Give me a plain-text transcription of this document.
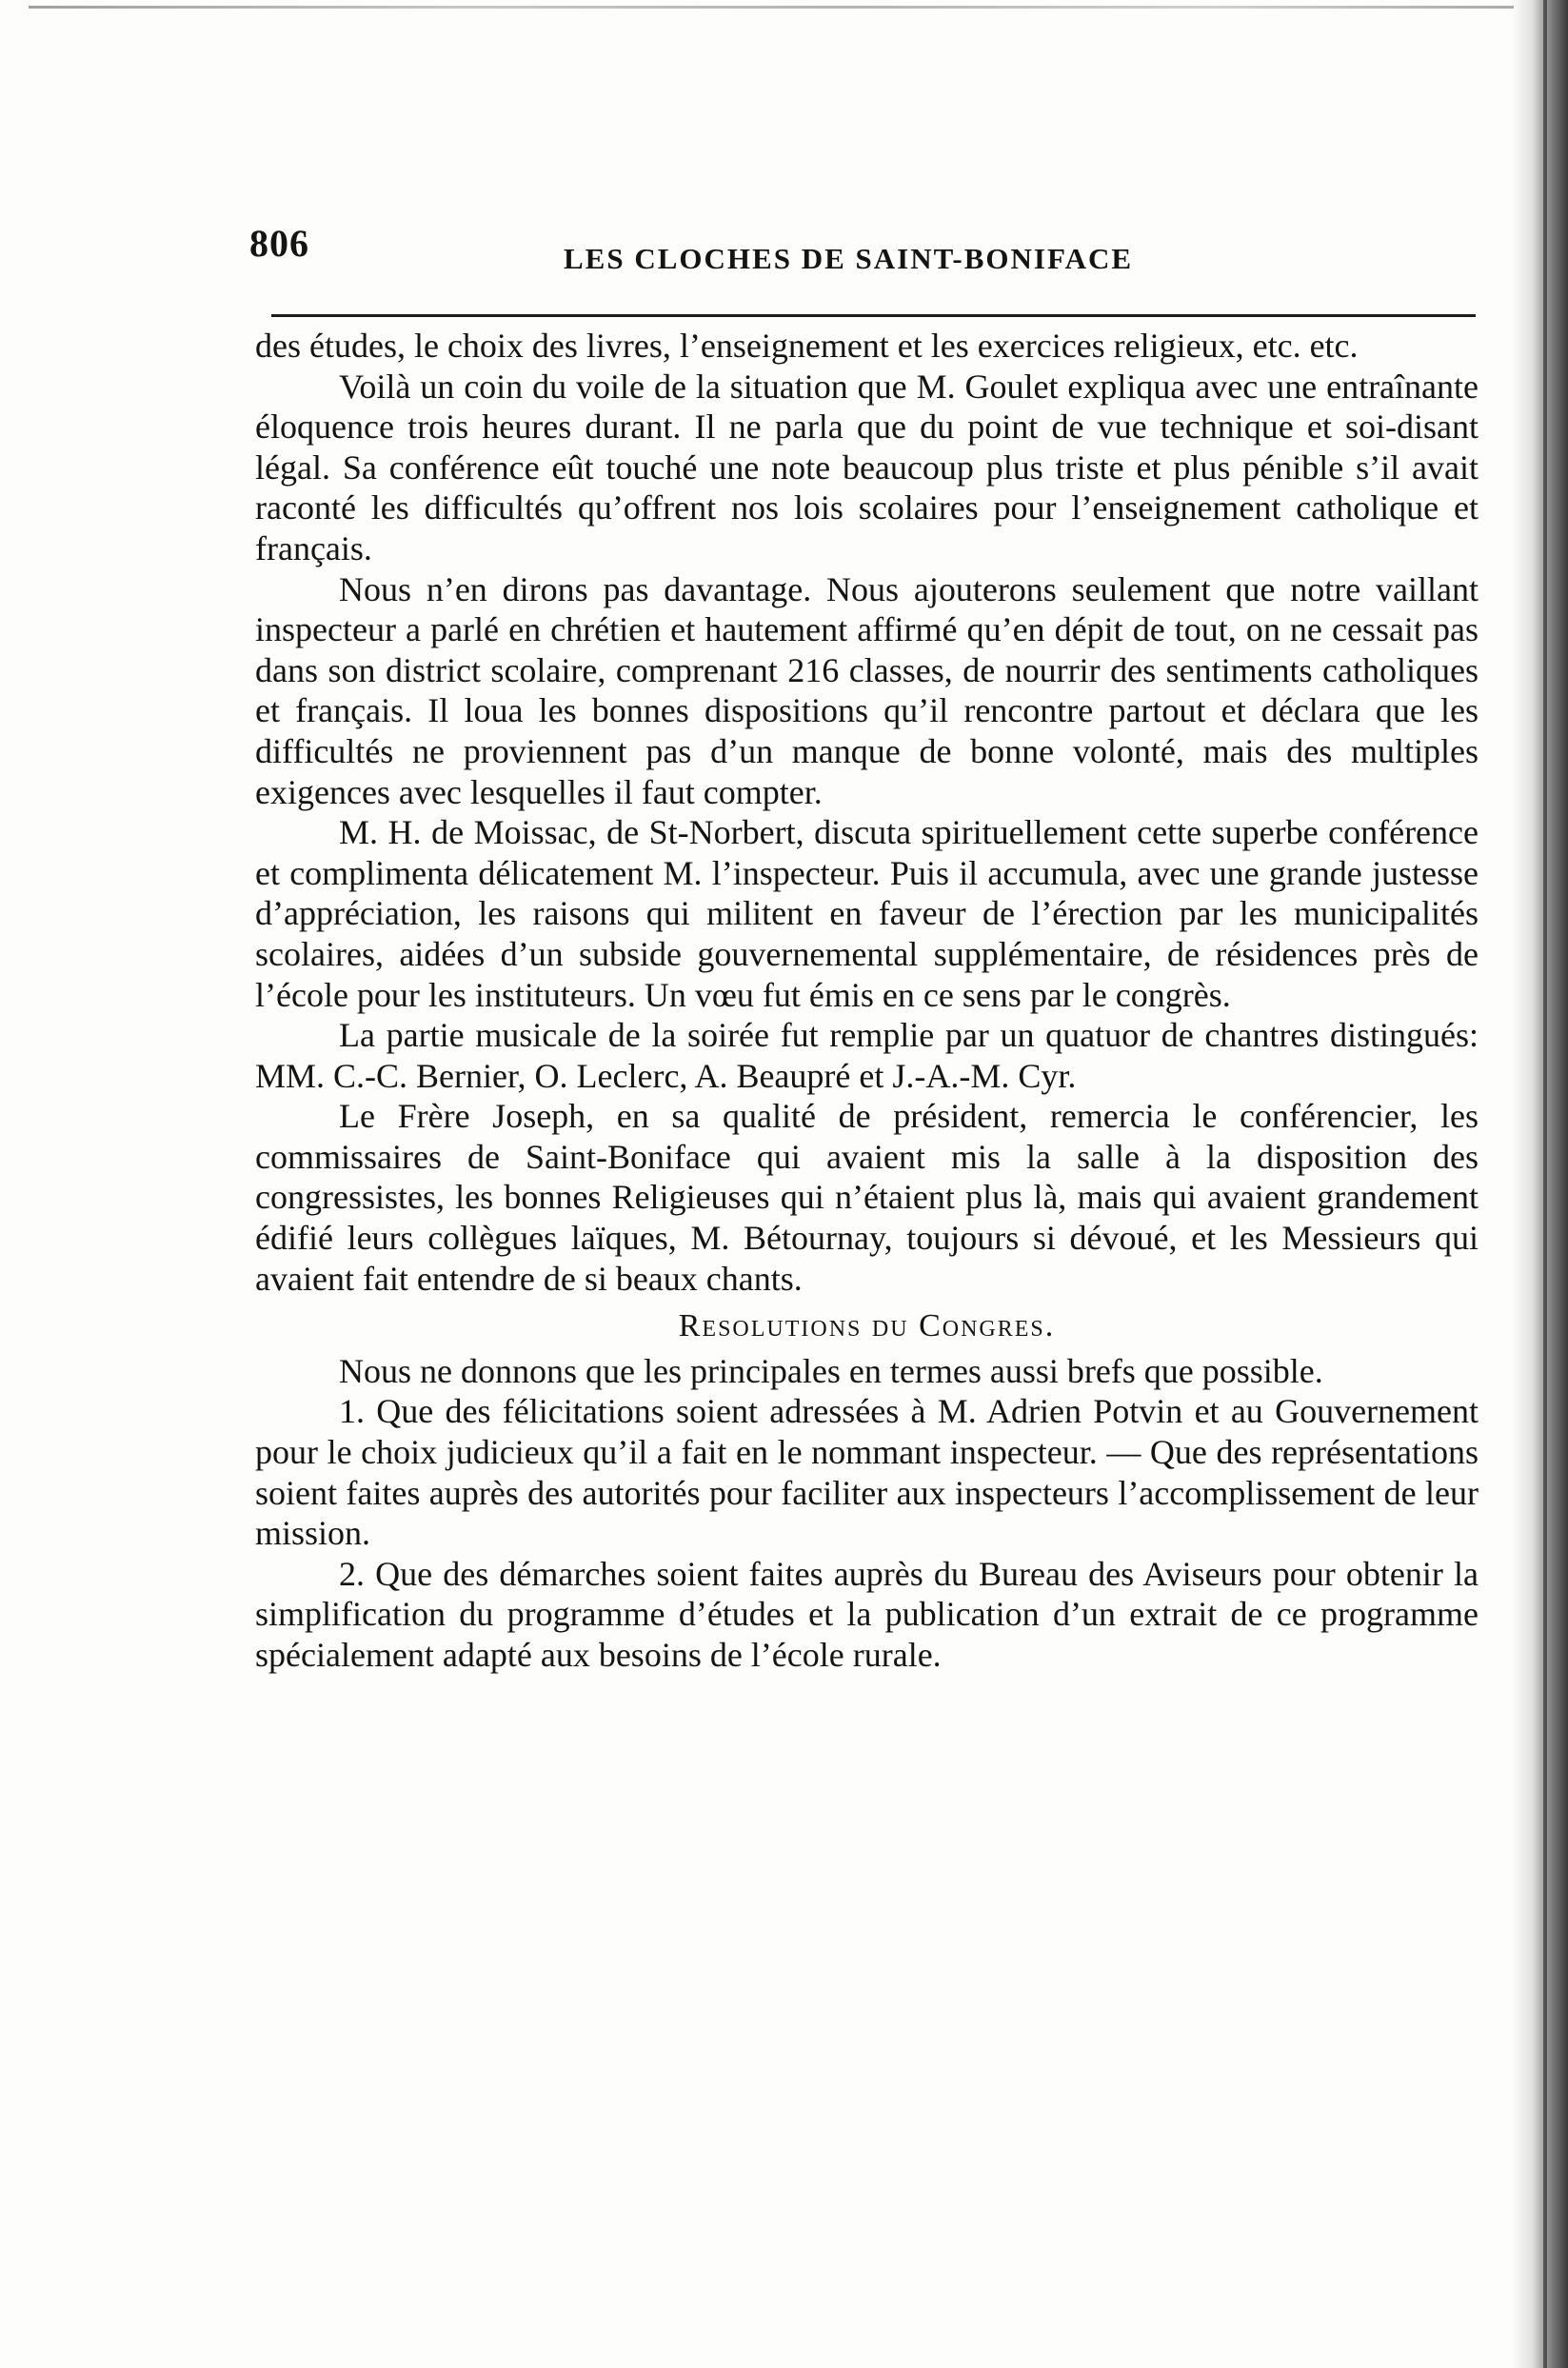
806	LES CLOCHES DE SAINT-BONIFACE

des études, le choix des livres, l’enseignement et les exercices religieux, etc. etc.

Voilà un coin du voile de la situation que M. Goulet expliqua avec une entraînante éloquence trois heures durant. Il ne parla que du point de vue technique et soi-disant légal. Sa conférence eût touché une note beaucoup plus triste et plus pénible s’il avait raconté les difficultés qu’offrent nos lois scolaires pour l’enseignement catholique et français.

Nous n’en dirons pas davantage. Nous ajouterons seulement que notre vaillant inspecteur a parlé en chrétien et hautement affirmé qu’en dépit de tout, on ne cessait pas dans son district scolaire, comprenant 216 classes, de nourrir des sentiments catholiques et français. Il loua les bonnes dispositions qu’il rencontre partout et déclara que les difficultés ne proviennent pas d’un manque de bonne volonté, mais des multiples exigences avec lesquelles il faut compter.

M. H. de Moissac, de St-Norbert, discuta spirituellement cette superbe conférence et complimenta délicatement M. l’inspecteur. Puis il accumula, avec une grande justesse d’appréciation, les raisons qui militent en faveur de l’érection par les municipalités scolaires, aidées d’un subside gouvernemental supplémentaire, de résidences près de l’école pour les instituteurs. Un vœu fut émis en ce sens par le congrès.

La partie musicale de la soirée fut remplie par un quatuor de chantres distingués: MM. C.-C. Bernier, O. Leclerc, A. Beaupré et J.-A.-M. Cyr.

Le Frère Joseph, en sa qualité de président, remercia le conférencier, les commissaires de Saint-Boniface qui avaient mis la salle à la disposition des congressistes, les bonnes Religieuses qui n’étaient plus là, mais qui avaient grandement édifié leurs collègues laïques, M. Bétournay, toujours si dévoué, et les Messieurs qui avaient fait entendre de si beaux chants.

Resolutions du Congres.

Nous ne donnons que les principales en termes aussi brefs que possible.

1. Que des félicitations soient adressées à M. Adrien Potvin et au Gouvernement pour le choix judicieux qu’il a fait en le nommant inspecteur. — Que des représentations soient faites auprès des autorités pour faciliter aux inspecteurs l’accomplissement de leur mission.

2. Que des démarches soient faites auprès du Bureau des Aviseurs pour obtenir la simplification du programme d’études et la publication d’un extrait de ce programme spécialement adapté aux besoins de l’école rurale.
